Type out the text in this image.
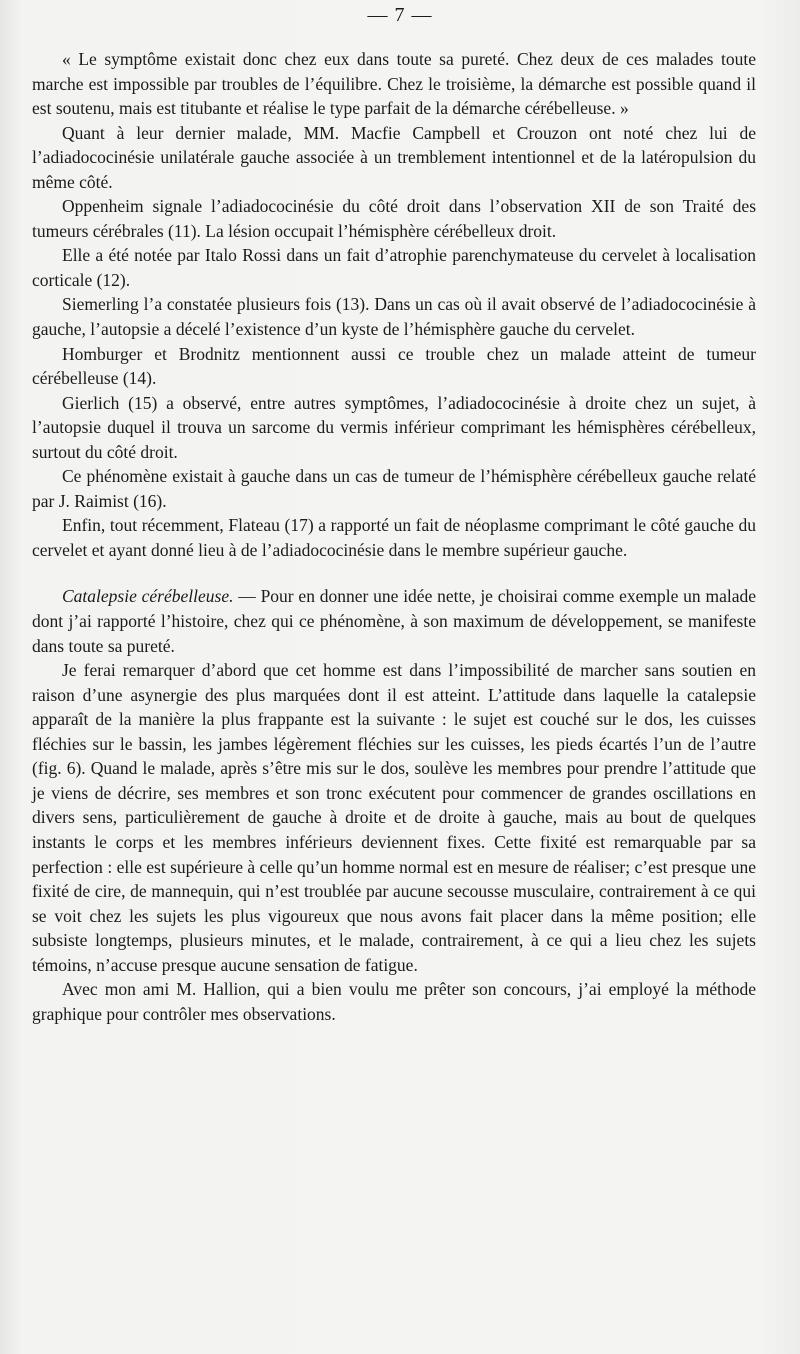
— 7 —

« Le symptôme existait donc chez eux dans toute sa pureté. Chez deux de ces malades toute marche est impossible par troubles de l’équilibre. Chez le troisième, la démarche est possible quand il est soutenu, mais est titubante et réalise le type parfait de la démarche cérébelleuse. »

Quant à leur dernier malade, MM. Macfie Campbell et Crouzon ont noté chez lui de l’adiadococinésie unilatérale gauche associée à un tremblement intentionnel et de la latéropulsion du même côté.

Oppenheim signale l’adiadococinésie du côté droit dans l’observation XII de son Traité des tumeurs cérébrales (11). La lésion occupait l’hémisphère cérébelleux droit.

Elle a été notée par Italo Rossi dans un fait d’atrophie parenchymateuse du cervelet à localisation corticale (12).

Siemerling l’a constatée plusieurs fois (13). Dans un cas où il avait observé de l’adiadococinésie à gauche, l’autopsie a décelé l’existence d’un kyste de l’hémisphère gauche du cervelet.

Homburger et Brodnitz mentionnent aussi ce trouble chez un malade atteint de tumeur cérébelleuse (14).

Gierlich (15) a observé, entre autres symptômes, l’adiadococinésie à droite chez un sujet, à l’autopsie duquel il trouva un sarcome du vermis inférieur comprimant les hémisphères cérébelleux, surtout du côté droit.

Ce phénomène existait à gauche dans un cas de tumeur de l’hémisphère cérébelleux gauche relaté par J. Raimist (16).

Enfin, tout récemment, Flateau (17) a rapporté un fait de néoplasme comprimant le côté gauche du cervelet et ayant donné lieu à de l’adiadococinésie dans le membre supérieur gauche.

Catalepsie cérébelleuse. — Pour en donner une idée nette, je choisirai comme exemple un malade dont j’ai rapporté l’histoire, chez qui ce phénomène, à son maximum de développement, se manifeste dans toute sa pureté.

Je ferai remarquer d’abord que cet homme est dans l’impossibilité de marcher sans soutien en raison d’une asynergie des plus marquées dont il est atteint. L’attitude dans laquelle la catalepsie apparaît de la manière la plus frappante est la suivante : le sujet est couché sur le dos, les cuisses fléchies sur le bassin, les jambes légèrement fléchies sur les cuisses, les pieds écartés l’un de l’autre (fig. 6). Quand le malade, après s’être mis sur le dos, soulève les membres pour prendre l’attitude que je viens de décrire, ses membres et son tronc exécutent pour commencer de grandes oscillations en divers sens, particulièrement de gauche à droite et de droite à gauche, mais au bout de quelques instants le corps et les membres inférieurs deviennent fixes. Cette fixité est remarquable par sa perfection : elle est supérieure à celle qu’un homme normal est en mesure de réaliser; c’est presque une fixité de cire, de mannequin, qui n’est troublée par aucune secousse musculaire, contrairement à ce qui se voit chez les sujets les plus vigoureux que nous avons fait placer dans la même position; elle subsiste longtemps, plusieurs minutes, et le malade, contrairement, à ce qui a lieu chez les sujets témoins, n’accuse presque aucune sensation de fatigue.

Avec mon ami M. Hallion, qui a bien voulu me prêter son concours, j’ai employé la méthode graphique pour contrôler mes observations.
